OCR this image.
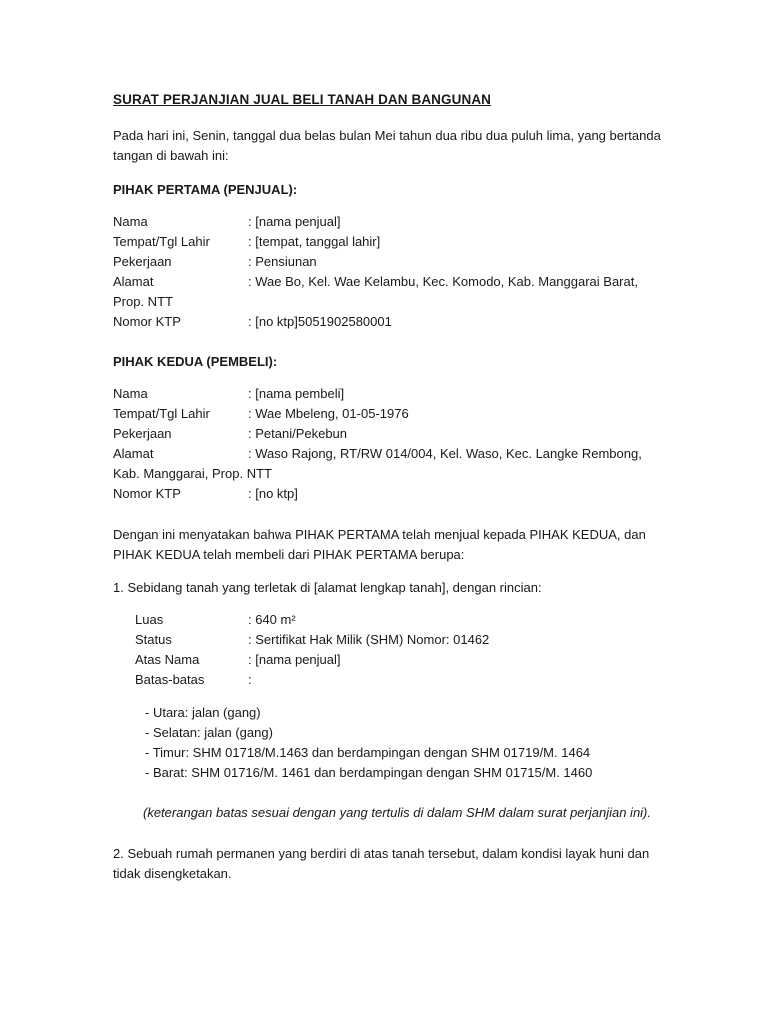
SURAT PERJANJIAN JUAL BELI TANAH DAN BANGUNAN
Pada hari ini, Senin, tanggal dua belas bulan Mei tahun dua ribu dua puluh lima, yang bertanda tangan di bawah ini:
PIHAK PERTAMA (PENJUAL):
Nama	: [nama penjual]
Tempat/Tgl Lahir	: [tempat, tanggal lahir]
Pekerjaan	: Pensiunan
Alamat	: Wae Bo, Kel. Wae Kelambu, Kec. Komodo, Kab. Manggarai Barat, Prop. NTT
Nomor KTP	: [no ktp]5051902580001
PIHAK KEDUA (PEMBELI):
Nama	: [nama pembeli]
Tempat/Tgl Lahir	: Wae Mbeleng, 01-05-1976
Pekerjaan	: Petani/Pekebun
Alamat	: Waso Rajong, RT/RW 014/004, Kel. Waso, Kec. Langke Rembong, Kab. Manggarai, Prop. NTT
Nomor KTP	: [no ktp]
Dengan ini menyatakan bahwa PIHAK PERTAMA telah menjual kepada PIHAK KEDUA, dan PIHAK KEDUA telah membeli dari PIHAK PERTAMA berupa:
1. Sebidang tanah yang terletak di [alamat lengkap tanah], dengan rincian:
Luas	: 640 m²
Status	: Sertifikat Hak Milik (SHM) Nomor: 01462
Atas Nama	: [nama penjual]
Batas-batas	:
- Utara: jalan (gang)
- Selatan: jalan (gang)
- Timur: SHM 01718/M.1463 dan berdampingan dengan SHM 01719/M. 1464
- Barat: SHM 01716/M. 1461 dan berdampingan dengan SHM 01715/M. 1460
(keterangan batas sesuai dengan yang tertulis di dalam SHM dalam surat perjanjian ini).
2. Sebuah rumah permanen yang berdiri di atas tanah tersebut, dalam kondisi layak huni dan tidak disengketakan.
